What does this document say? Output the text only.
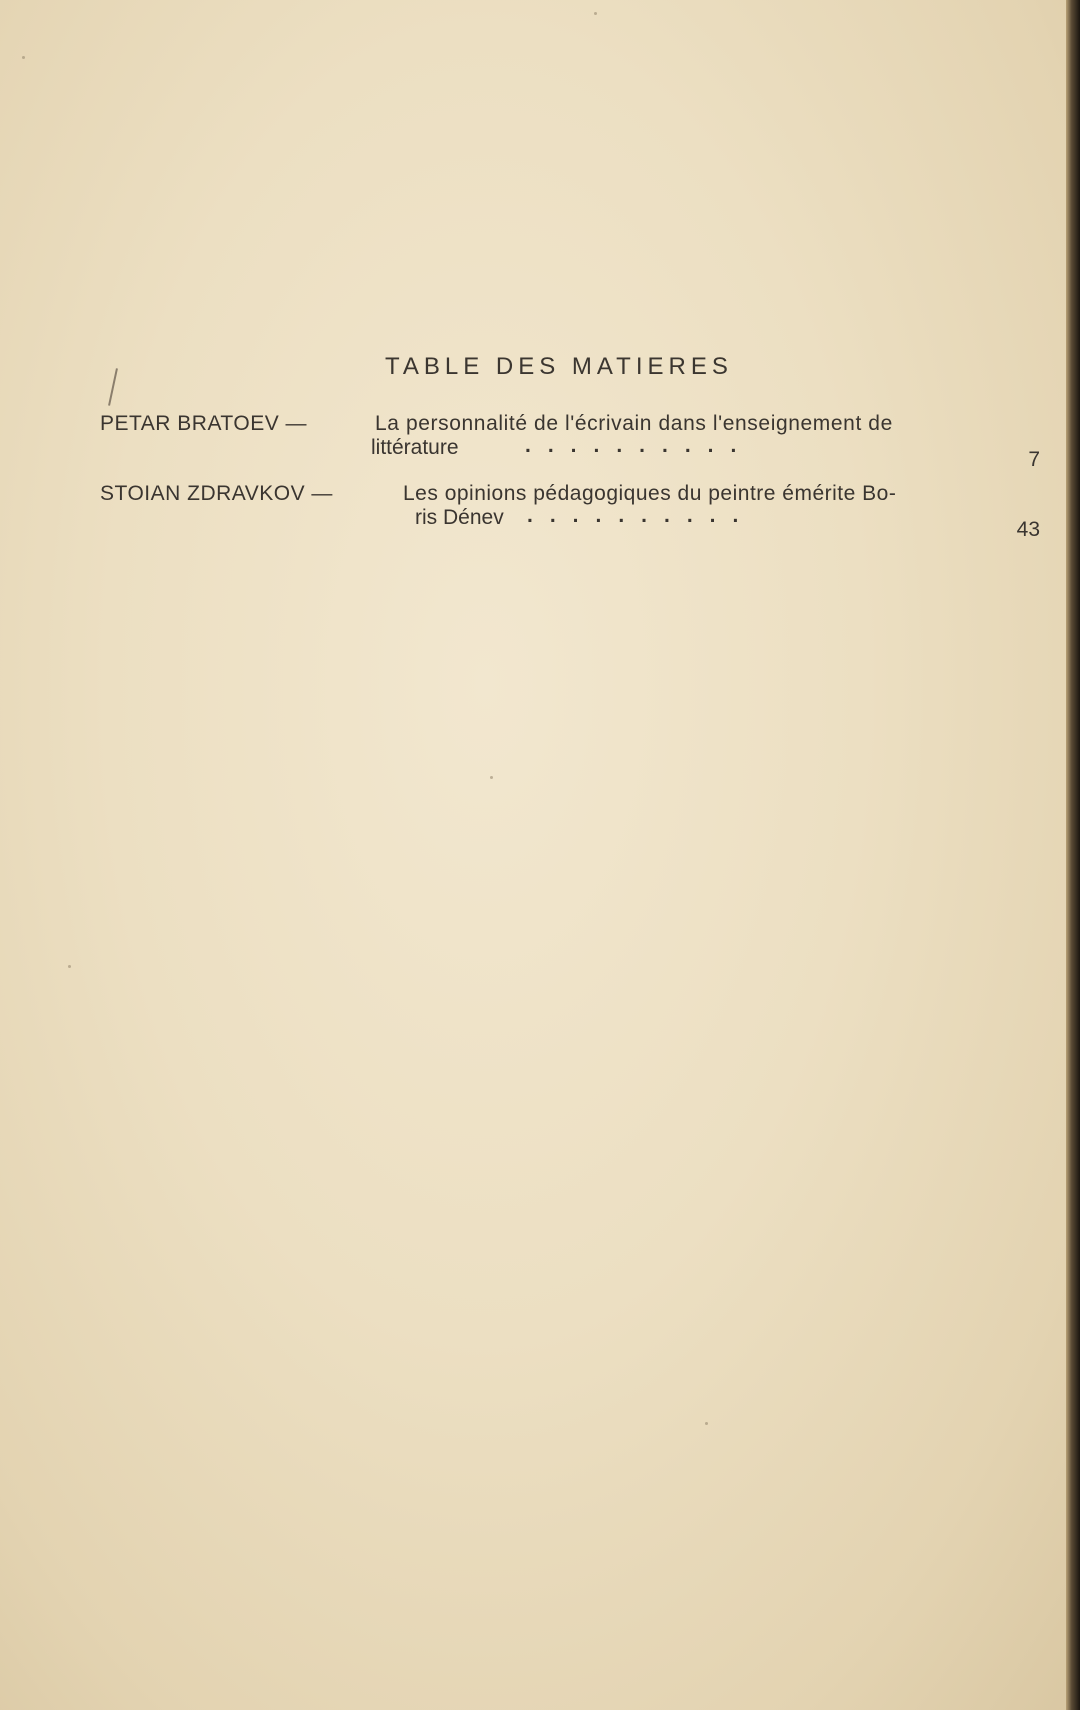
TABLE DES MATIERES
PETAR BRATOEV —	La personnalité de l'écrivain dans l'enseignement de
littérature	..........
7
STOIAN ZDRAVKOV —	Les opinions pédagogiques du peintre émérite Bo-
ris Dénev ..........
43
